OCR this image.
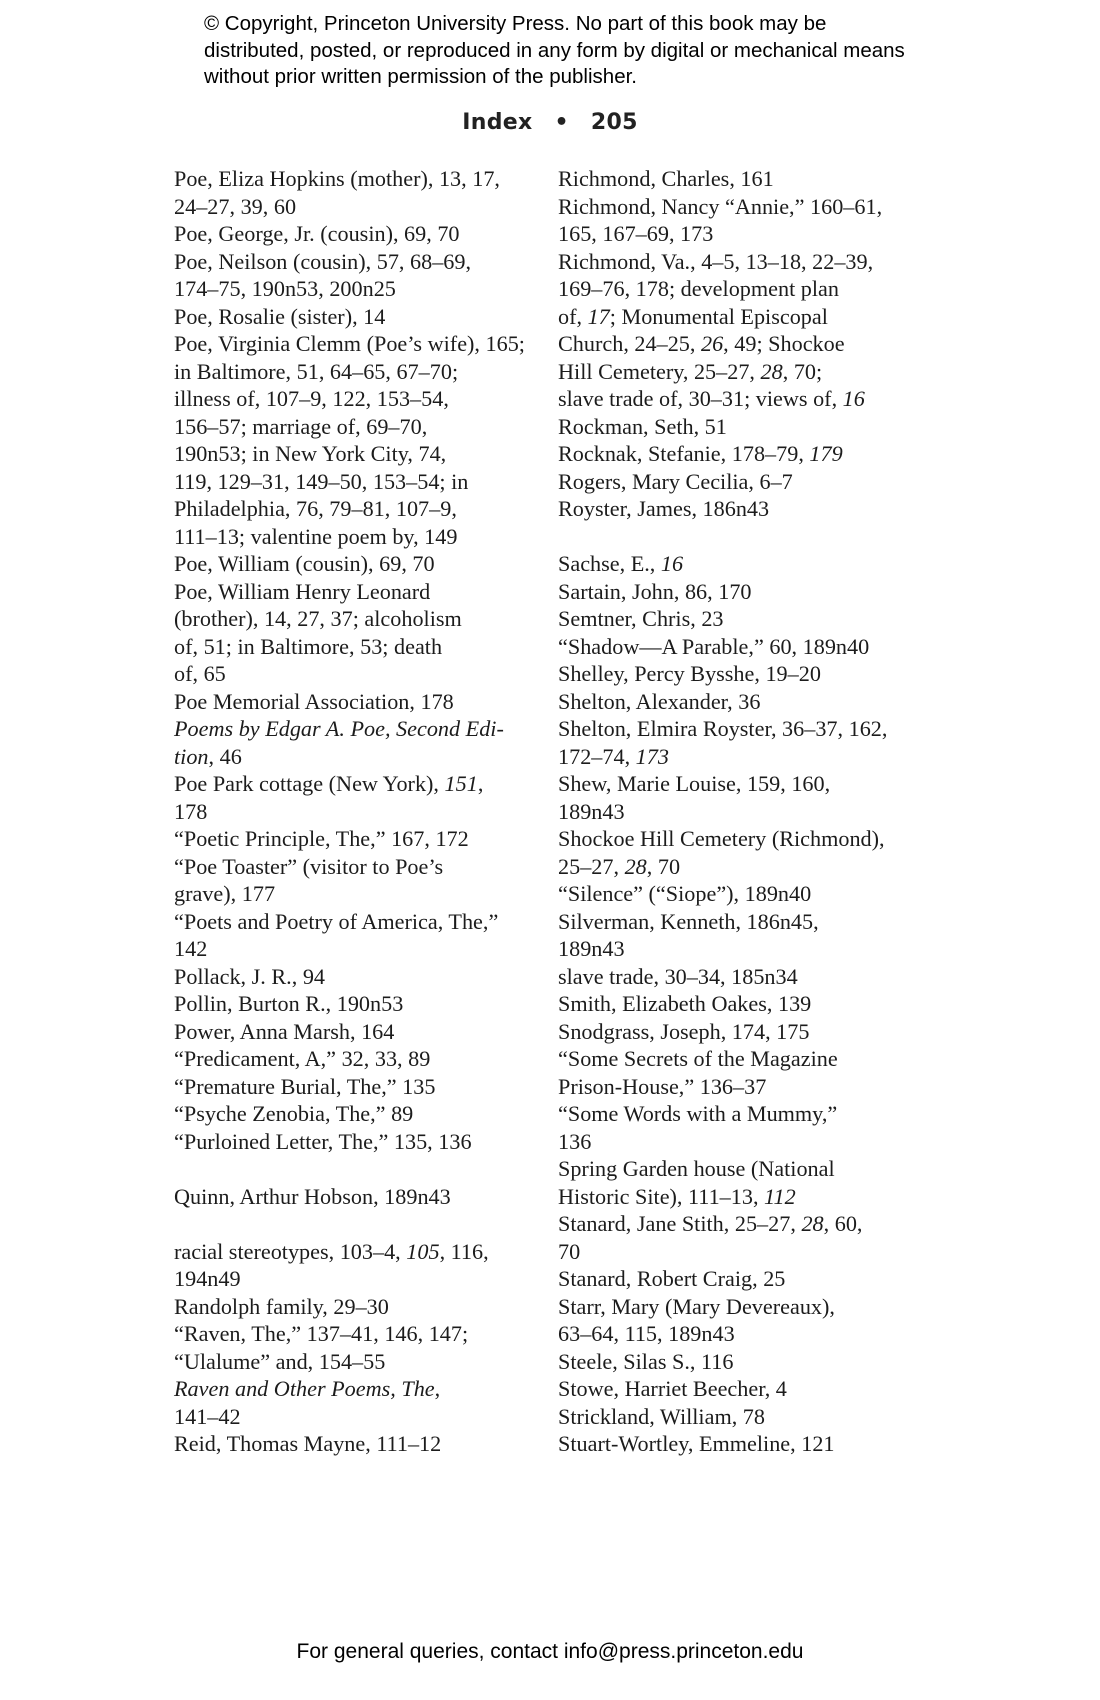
© Copyright, Princeton University Press. No part of this book may be distributed, posted, or reproduced in any form by digital or mechanical means without prior written permission of the publisher.
Index • 205
Poe, Eliza Hopkins (mother), 13, 17,
24–27, 39, 60
Poe, George, Jr. (cousin), 69, 70
Poe, Neilson (cousin), 57, 68–69,
174–75, 190n53, 200n25
Poe, Rosalie (sister), 14
Poe, Virginia Clemm (Poe’s wife), 165;
in Baltimore, 51, 64–65, 67–70;
illness of, 107–9, 122, 153–54,
156–57; marriage of, 69–70,
190n53; in New York City, 74,
119, 129–31, 149–50, 153–54; in
Philadelphia, 76, 79–81, 107–9,
111–13; valentine poem by, 149
Poe, William (cousin), 69, 70
Poe, William Henry Leonard
(brother), 14, 27, 37; alcoholism
of, 51; in Baltimore, 53; death
of, 65
Poe Memorial Association, 178
Poems by Edgar A. Poe, Second Edi-
tion, 46
Poe Park cottage (New York), 151,
178
“Poetic Principle, The,” 167, 172
“Poe Toaster” (visitor to Poe’s
grave), 177
“Poets and Poetry of America, The,”
142
Pollack, J. R., 94
Pollin, Burton R., 190n53
Power, Anna Marsh, 164
“Predicament, A,” 32, 33, 89
“Premature Burial, The,” 135
“Psyche Zenobia, The,” 89
“Purloined Letter, The,” 135, 136
Quinn, Arthur Hobson, 189n43
racial stereotypes, 103–4, 105, 116,
194n49
Randolph family, 29–30
“Raven, The,” 137–41, 146, 147;
“Ulalume” and, 154–55
Raven and Other Poems, The,
141–42
Reid, Thomas Mayne, 111–12
Richmond, Charles, 161
Richmond, Nancy “Annie,” 160–61,
165, 167–69, 173
Richmond, Va., 4–5, 13–18, 22–39,
169–76, 178; development plan
of, 17; Monumental Episcopal
Church, 24–25, 26, 49; Shockoe
Hill Cemetery, 25–27, 28, 70;
slave trade of, 30–31; views of, 16
Rockman, Seth, 51
Rocknak, Stefanie, 178–79, 179
Rogers, Mary Cecilia, 6–7
Royster, James, 186n43
Sachse, E., 16
Sartain, John, 86, 170
Semtner, Chris, 23
“Shadow—A Parable,” 60, 189n40
Shelley, Percy Bysshe, 19–20
Shelton, Alexander, 36
Shelton, Elmira Royster, 36–37, 162,
172–74, 173
Shew, Marie Louise, 159, 160,
189n43
Shockoe Hill Cemetery (Richmond),
25–27, 28, 70
“Silence” (“Siope”), 189n40
Silverman, Kenneth, 186n45,
189n43
slave trade, 30–34, 185n34
Smith, Elizabeth Oakes, 139
Snodgrass, Joseph, 174, 175
“Some Secrets of the Magazine
Prison-House,” 136–37
“Some Words with a Mummy,”
136
Spring Garden house (National
Historic Site), 111–13, 112
Stanard, Jane Stith, 25–27, 28, 60,
70
Stanard, Robert Craig, 25
Starr, Mary (Mary Devereaux),
63–64, 115, 189n43
Steele, Silas S., 116
Stowe, Harriet Beecher, 4
Strickland, William, 78
Stuart-Wortley, Emmeline, 121
For general queries, contact info@press.princeton.edu
